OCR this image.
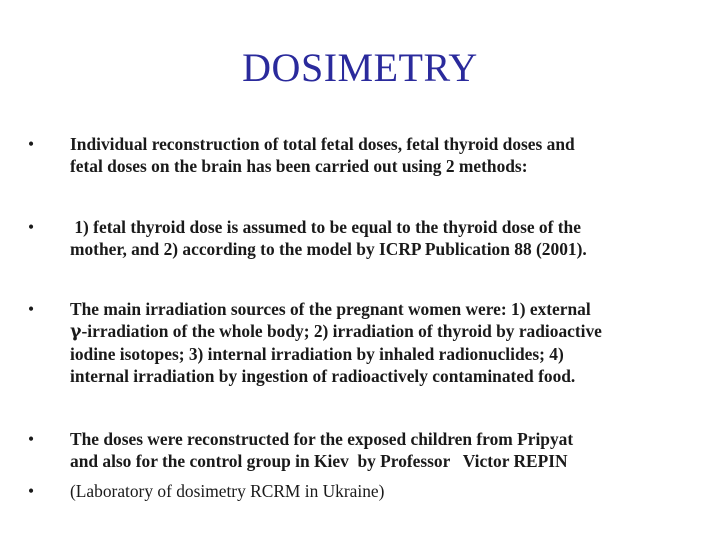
DOSIMETRY
•	Individual reconstruction of total fetal doses, fetal thyroid doses and
fetal doses on the brain has been carried out using 2 methods:
•	1) fetal thyroid dose is assumed to be equal to the thyroid dose of the
mother, and 2) according to the model by ICRP Publication 88 (2001).
•	The main irradiation sources of the pregnant women were: 1) external
γ-irradiation of the whole body; 2) irradiation of thyroid by radioactive
iodine isotopes; 3) internal irradiation by inhaled radionuclides; 4)
internal irradiation by ingestion of radioactively contaminated food.
•	The doses were reconstructed for the exposed children from Pripyat
and also for the control group in Kiev  by Professor   Victor REPIN
•	(Laboratory of dosimetry RCRM in Ukraine)
